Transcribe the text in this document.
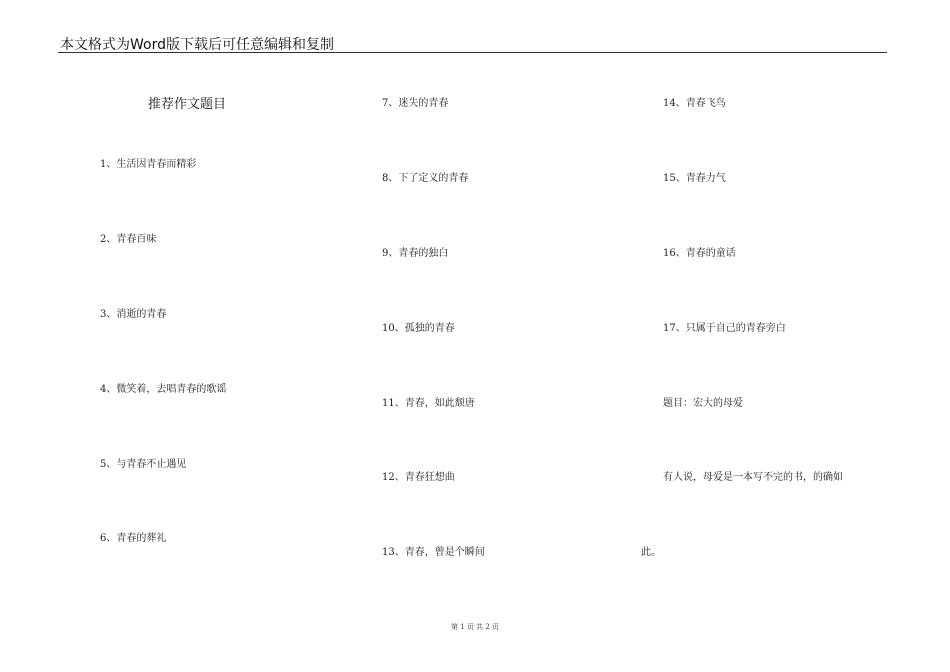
本文格式为Word版下载后可任意编辑和复制
推荐作文题目
1、生活因青春而精彩
2、青春百味
3、消逝的青春
4、微笑着，去唱青春的歌谣
5、与青春不止遇见
6、青春的葬礼
7、迷失的青春
8、下了定义的青春
9、青春的独白
10、孤独的青春
11、青春，如此颓唐
12、青春狂想曲
13、青春，曾是个瞬间
14、青春飞鸟
15、青春力气
16、青春的童话
17、只属于自己的青春旁白
题目：宏大的母爱
有人说，母爱是一本写不完的书，的确如
此。
第 1 页 共 2 页
